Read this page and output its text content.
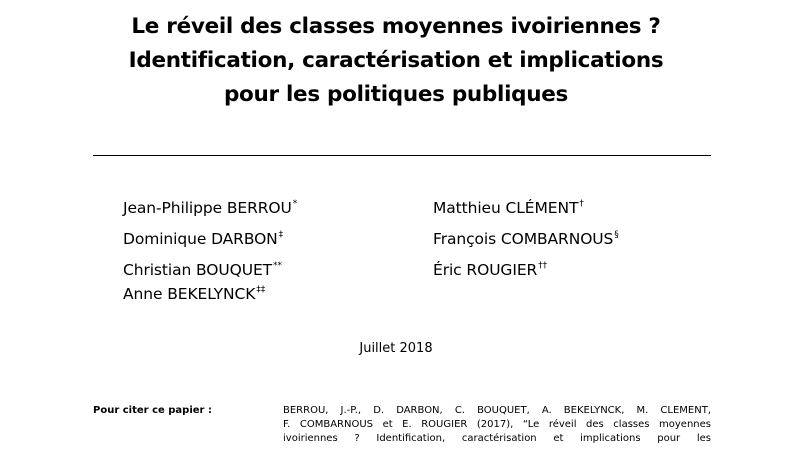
Le réveil des classes moyennes ivoiriennes ?
Identification, caractérisation et implications
pour les politiques publiques
Jean-Philippe BERROU*
Dominique DARBON‡
Christian BOUQUET**
Anne BEKELYNCK‡‡
Matthieu CLÉMENT†
François COMBARNOUS§
Éric ROUGIER††
Juillet 2018
Pour citer ce papier :	BERROU, J.-P., D. DARBON, C. BOUQUET, A. BEKELYNCK, M. CLEMENT,
F. COMBARNOUS et E. ROUGIER (2017), “Le réveil des classes moyennes
ivoiriennes ? Identification, caractérisation et implications pour les
